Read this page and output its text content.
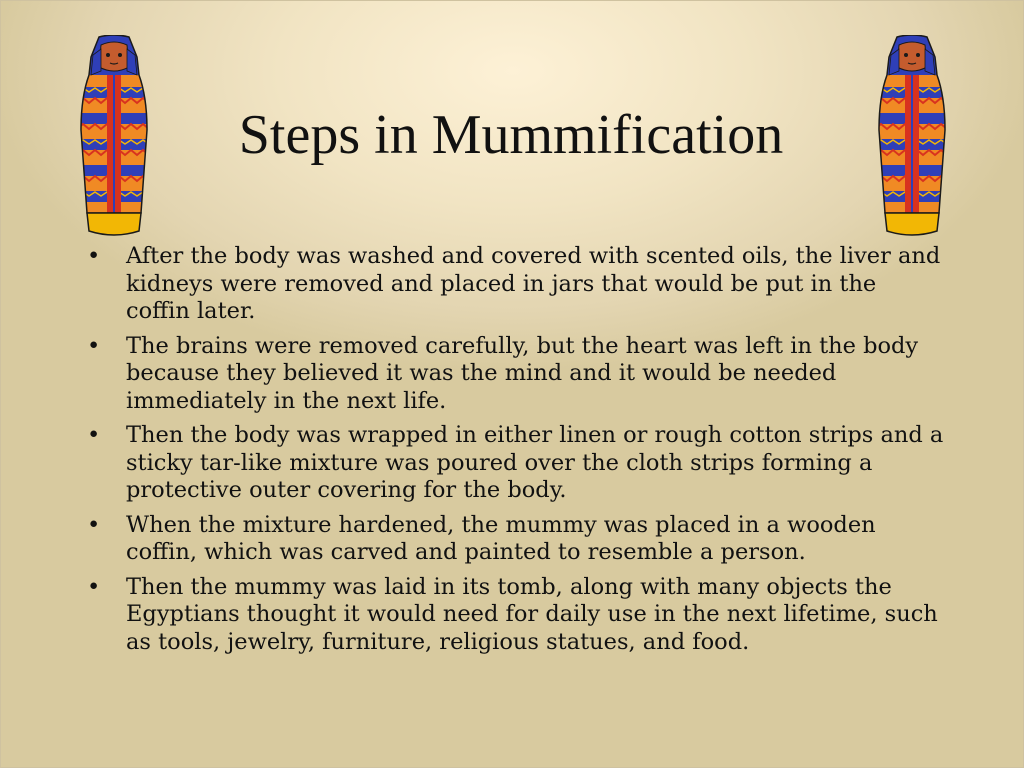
Steps in Mummification
• After the body was washed and covered with scented oils, the liver and kidneys were removed and placed in jars that would be put in the coffin later.
• The brains were removed carefully, but the heart was left in the body because they believed it was the mind and it would be needed immediately in the next life.
• Then the body was wrapped in either linen or rough cotton strips and a sticky tar-like mixture was poured over the cloth strips forming a protective outer covering for the body.
• When the mixture hardened, the mummy was placed in a wooden coffin, which was carved and painted to resemble a person.
• Then the mummy was laid in its tomb, along with many objects the Egyptians thought it would need for daily use in the next lifetime, such as tools, jewelry, furniture, religious statues, and food.
